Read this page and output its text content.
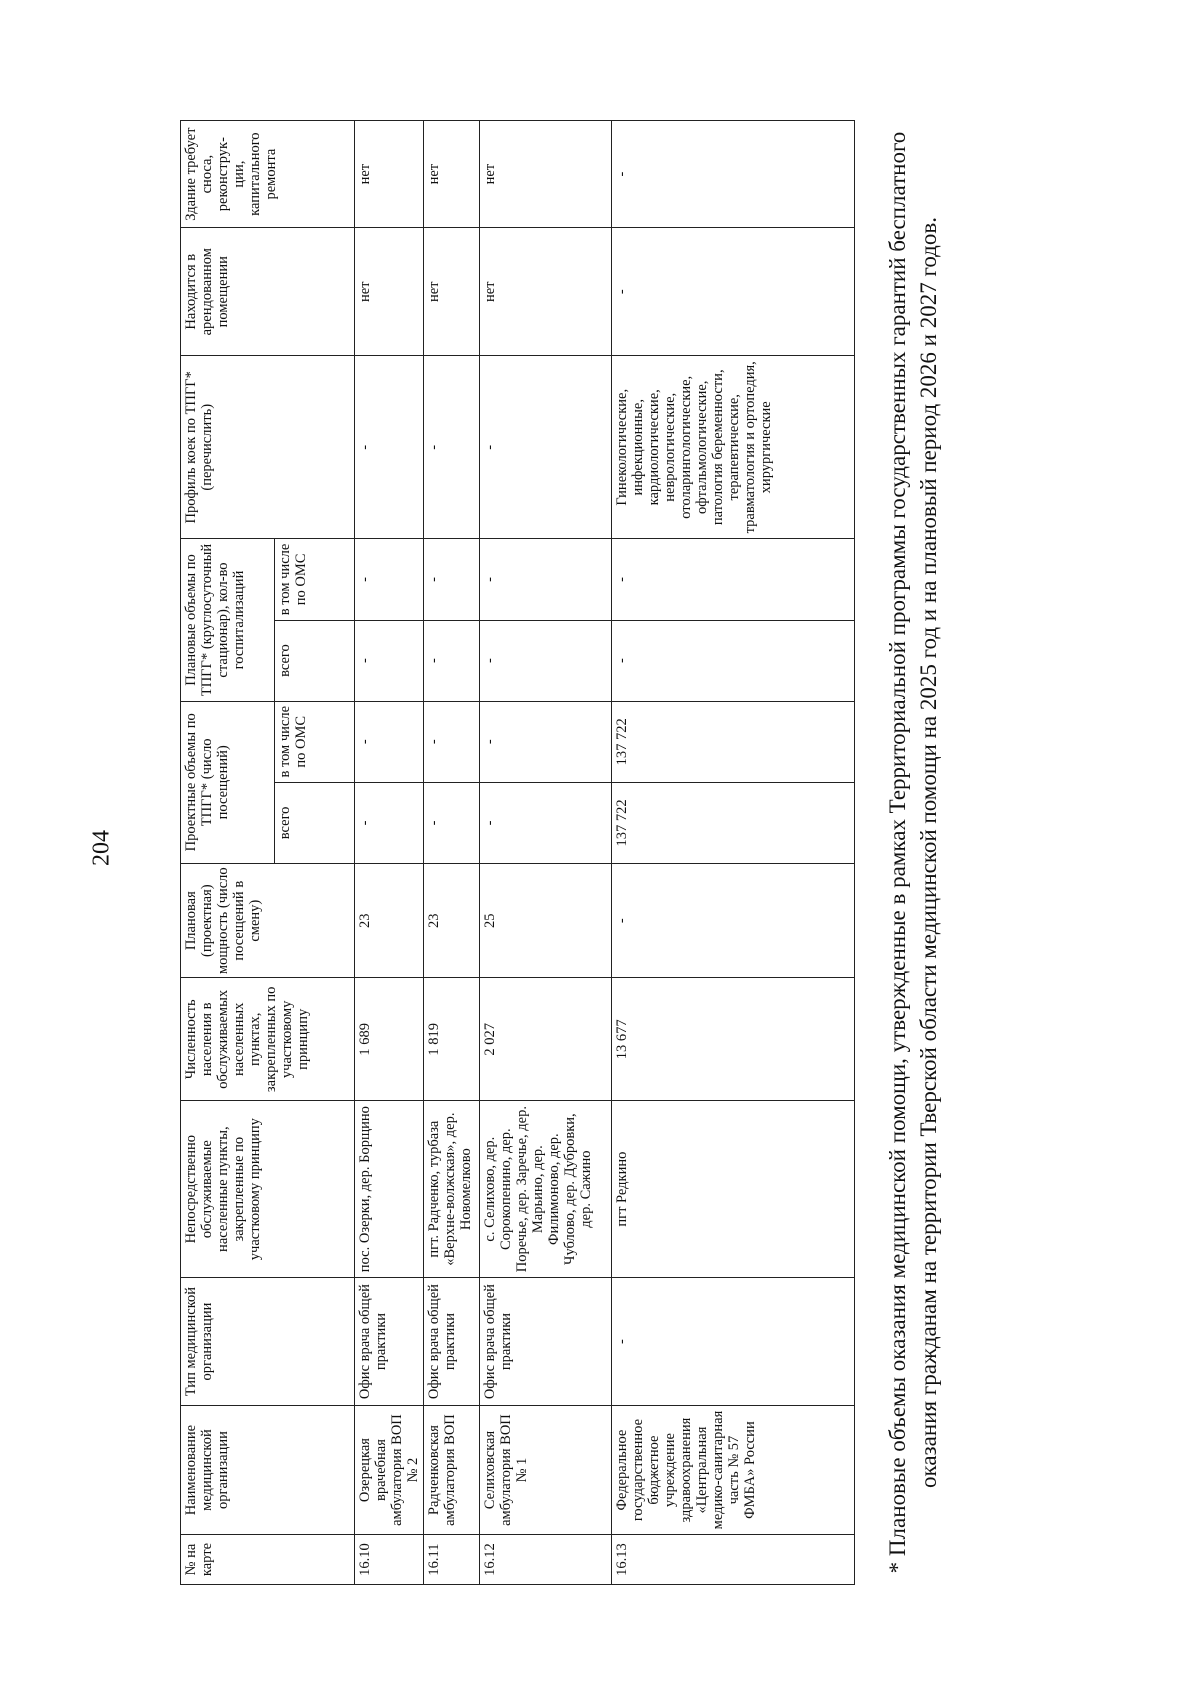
204
№ на карте	Наименование медицинской организации	Тип медицинской организации	Непосредственно обслуживаемые населенные пункты, закрепленные по участковому принципу	Численность населения в обслуживаемых населенных пунктах, закрепленных по участковому принципу	Плановая (проектная) мощность (число посещений в смену)	Проектные объемы по ТПГГ* (число посещений)		Плановые объемы по ТПГГ* (круглосуточный стационар), кол-во госпитализаций		Профиль коек по ТПГГ* (перечислить)	Находится в арендованном помещении	Здание требует сноса, реконструк-ции, капитального ремонта
						всего	в том числе по ОМС	всего	в том числе по ОМС			
16.10	Озерецкая врачебная амбулатория ВОП № 2	Офис врача общей практики	пос. Озерки, дер. Борщино	1 689	23	-	-	-	-	-	нет	нет
16.11	Радченковская амбулатория ВОП	Офис врача общей практики	пгт. Радченко, турбаза «Верхне-волжская», дер. Новомелково	1 819	23	-	-	-	-	-	нет	нет
16.12	Селиховская амбулатория ВОП № 1	Офис врача общей практики	с. Селихово, дер. Сорокопенино, дер. Поречье, дер. Заречье, дер. Марьино, дер. Филимоново, дер. Чублово, дер. Дубровки, дер. Сажино	2 027	25	-	-	-	-	-	нет	нет
16.13	Федеральное государственное бюджетное учреждение здравоохранения «Центральная медико-санитарная часть № 57 ФМБА» России	-	пгт Редкино	13 677	-	137 722	137 722	-	-	Гинекологические, инфекционные, кардиологические, неврологические, отоларингологические, офтальмологические, патология беременности, терапевтические, травматология и ортопедия, хирургические	-	-	* Плановые объемы оказания медицинской помощи, утвержденные в рамках Территориальной программы государственных гарантий бесплатного оказания гражданам на территории Тверской области медицинской помощи на 2025 год и на плановый период 2026 и 2027 годов.
